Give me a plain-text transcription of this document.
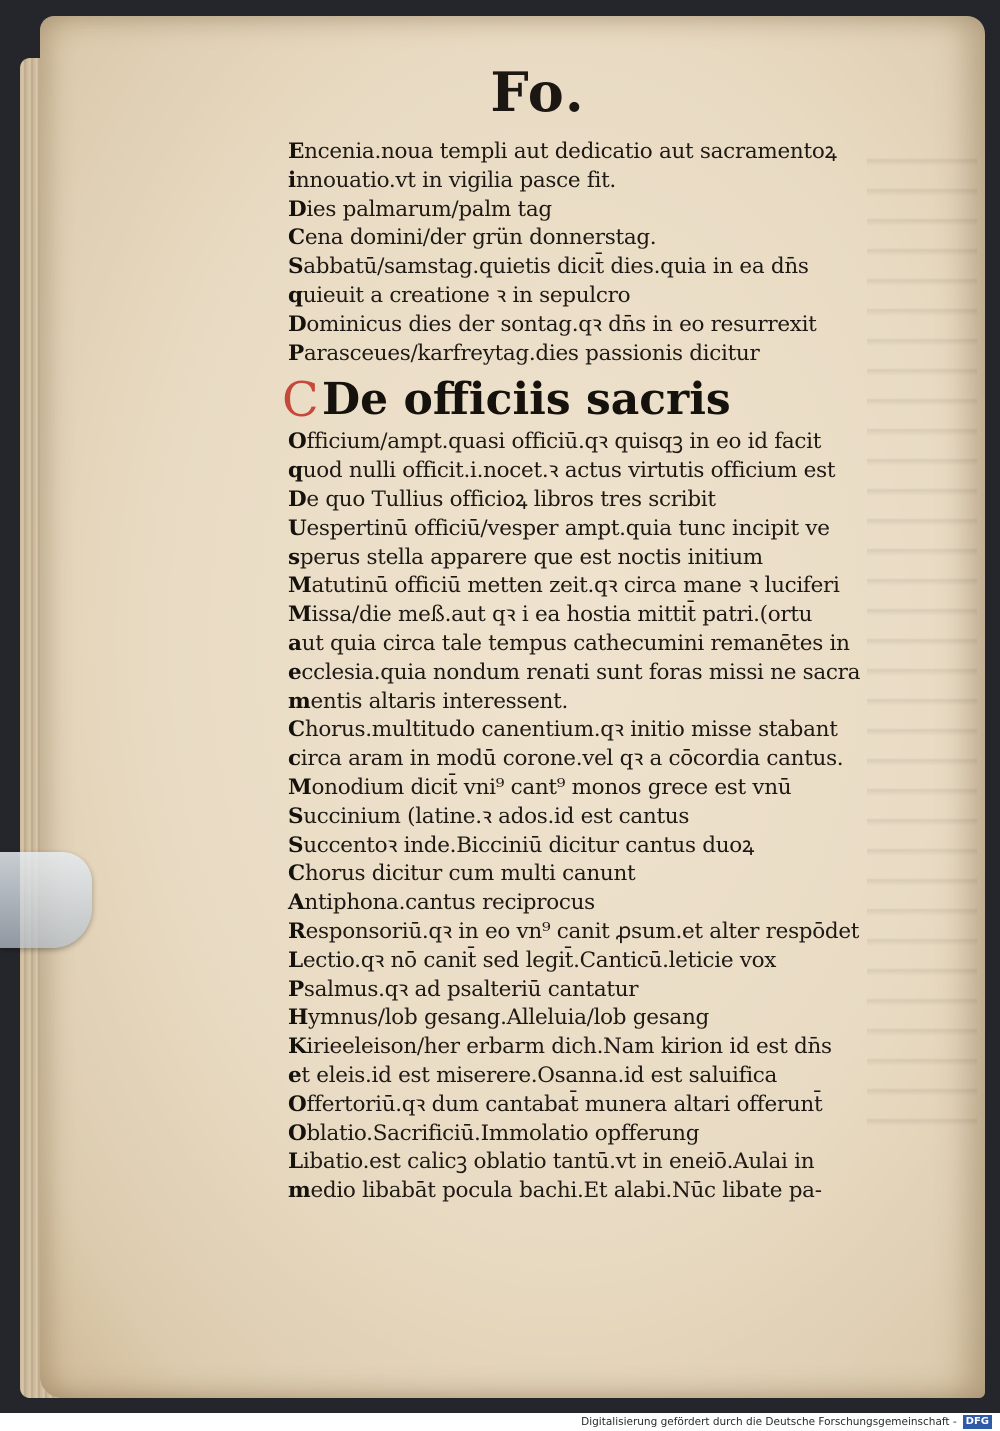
Fo.
Encenia.noua templi aut dedicatio aut sacramentoꝝ
innouatio.vt in vigilia pasce fit.
Dies palmarum/palm tag
Cena domini/der grün donnerstag.
Sabbatū/samstag.quietis dicit̄ dies.quia in ea dn̄s
quieuit a creatione ꝛ in sepulcro
Dominicus dies der sontag.qꝛ dn̄s in eo resurrexit
Parasceues/karfreytag.dies passionis dicitur
C De officiis sacris
Officium/ampt.quasi officiū.qꝛ quisqꝫ in eo id facit
quod nulli officit.i.nocet.ꝛ actus virtutis officium est
De quo Tullius officioꝝ libros tres scribit
Uespertinū officiū/vesper ampt.quia tunc incipit ve
sperus stella apparere que est noctis initium
Matutinū officiū metten zeit.qꝛ circa mane ꝛ luciferi
Missa/die meß.aut qꝛ i ea hostia mittit̄ patri.(ortu
aut quia circa tale tempus cathecumini remanētes in
ecclesia.quia nondum renati sunt foras missi ne sacra
mentis altaris interessent.
Chorus.multitudo canentium.qꝛ initio misse stabant
circa aram in modū corone.vel qꝛ a cōcordia cantus.
Monodium dicit̄ vni⁹ cant⁹ monos grece est vnū
Succinium (latine.ꝛ ados.id est cantus
Succentoꝛ inde.Bicciniū dicitur cantus duoꝝ
Chorus dicitur cum multi canunt
Antiphona.cantus reciprocus
Responsoriū.qꝛ in eo vn⁹ canit ꝓsum.et alter respōdet
Lectio.qꝛ nō canit̄ sed legit̄.Canticū.leticie vox
Psalmus.qꝛ ad psalteriū cantatur
Hymnus/lob gesang.Alleluia/lob gesang
Kirieeleison/her erbarm dich.Nam kirion id est dn̄s
et eleis.id est miserere.Osanna.id est saluifica
Offertoriū.qꝛ dum cantabat̄ munera altari offerunt̄
Oblatio.Sacrificiū.Immolatio opfferung
Libatio.est calicꝫ oblatio tantū.vt in eneiō.Aulai in
medio libabāt pocula bachi.Et alabi.Nūc libate pa-
Digitalisierung gefördert durch die Deutsche Forschungsgemeinschaft - DFG
